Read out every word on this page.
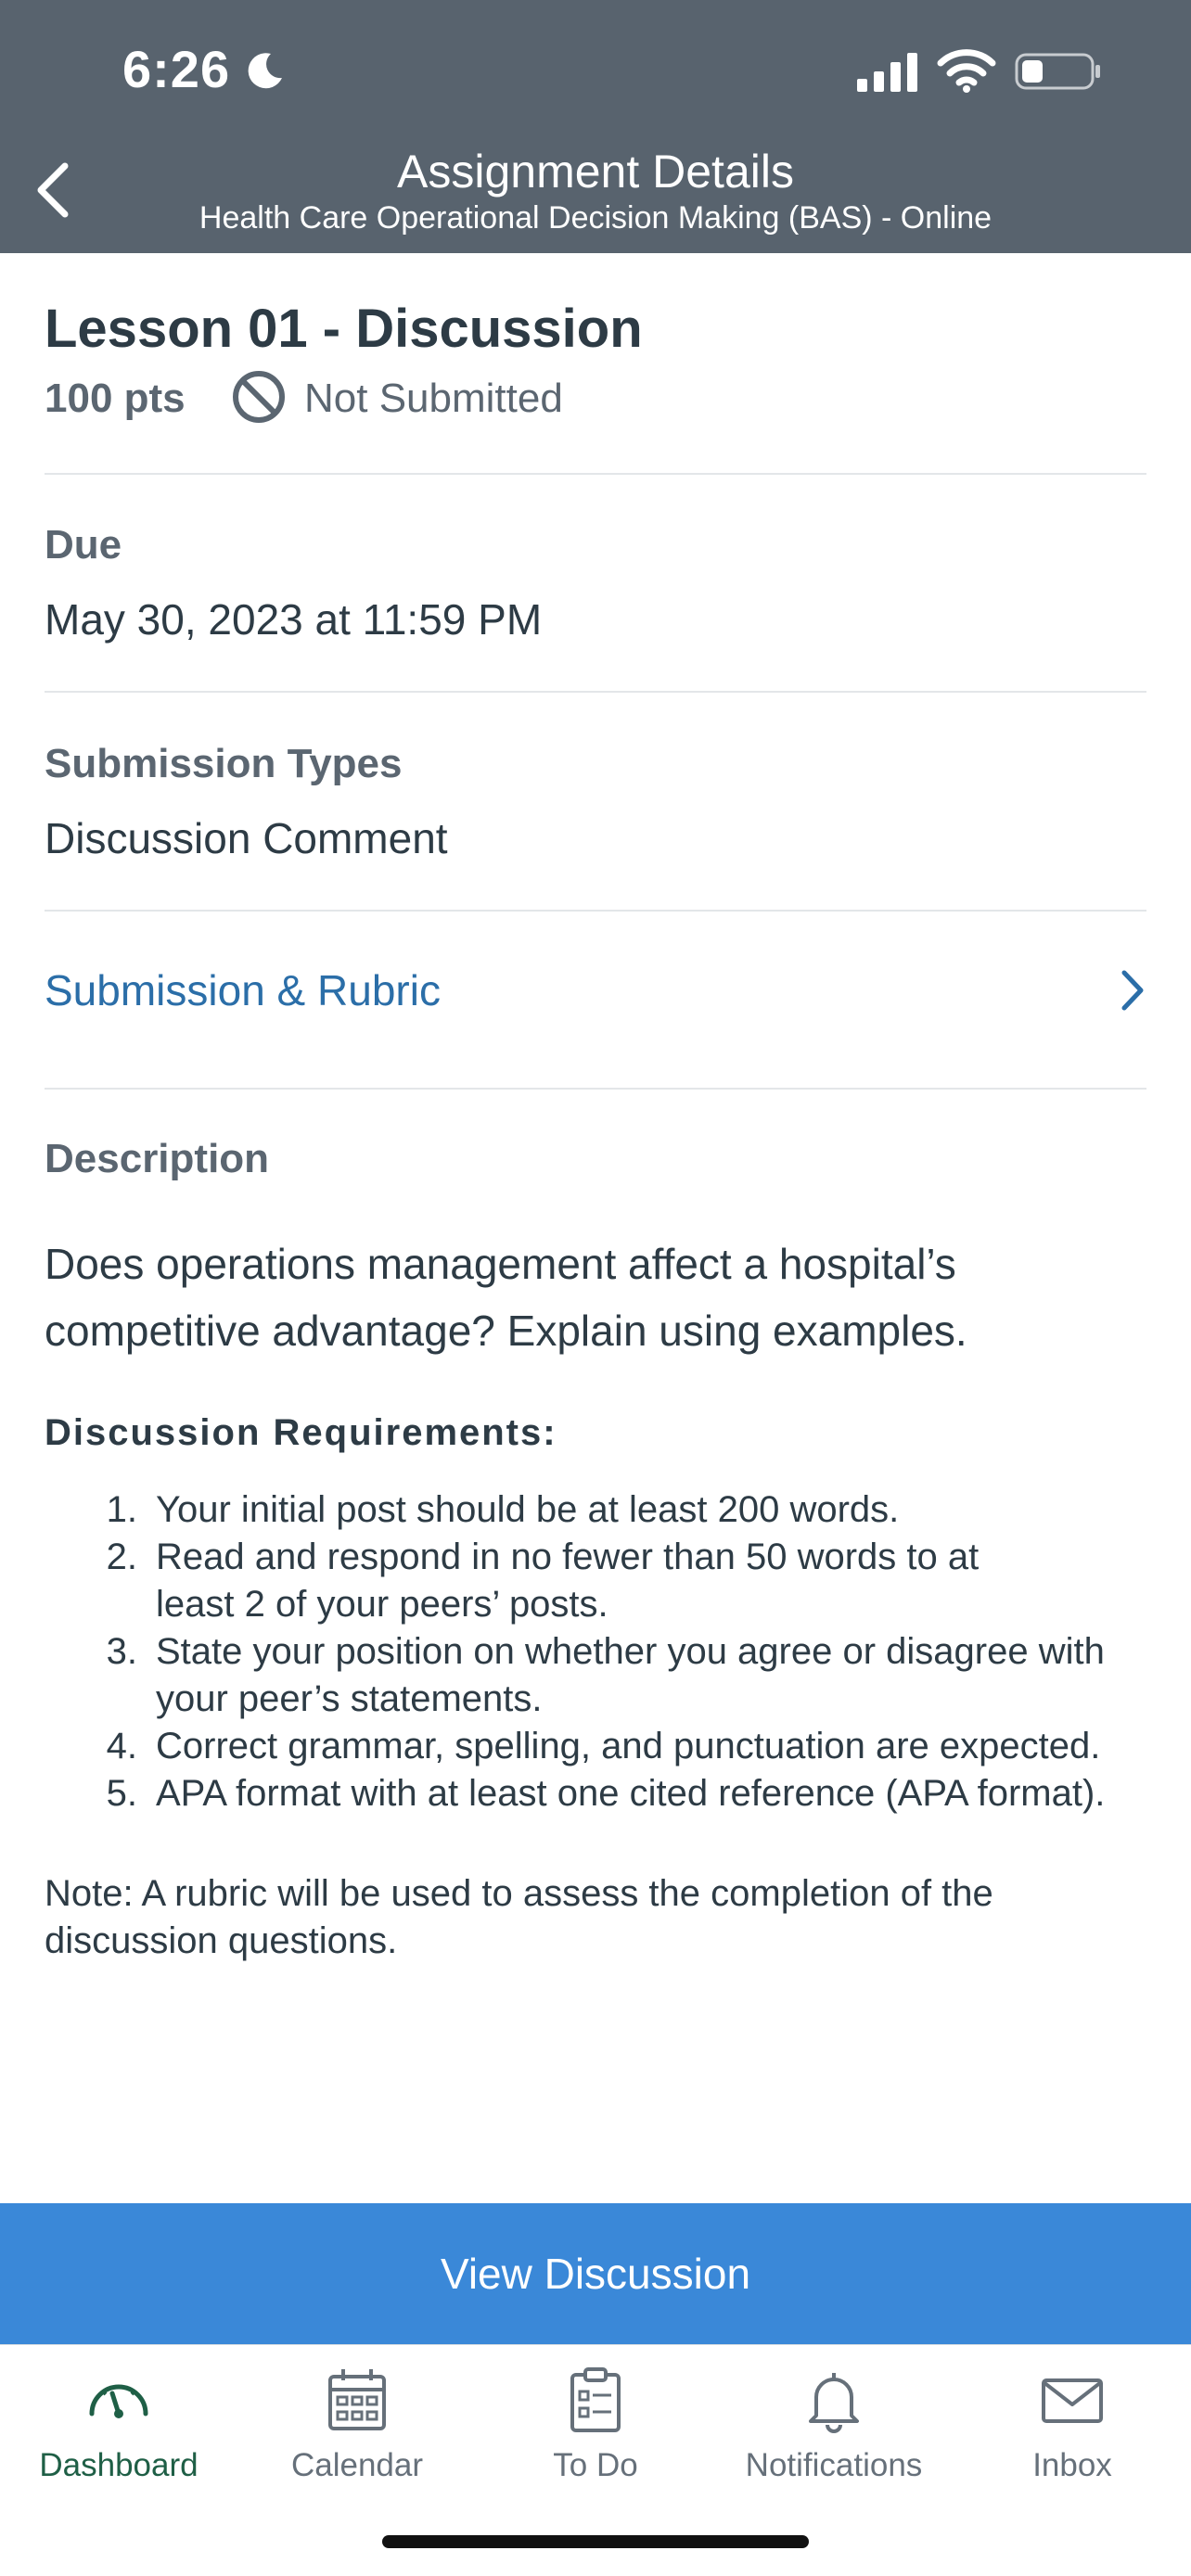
6:26
Assignment Details
Health Care Operational Decision Making (BAS) - Online
Lesson 01 - Discussion
100 pts	Not Submitted
Due
May 30, 2023 at 11:59 PM
Submission Types
Discussion Comment
Submission & Rubric
Description
Does operations management affect a hospital’s competitive advantage? Explain using examples.
Discussion Requirements:
1. Your initial post should be at least 200 words.
2. Read and respond in no fewer than 50 words to at least 2 of your peers’ posts.
3. State your position on whether you agree or disagree with your peer’s statements.
4. Correct grammar, spelling, and punctuation are expected.
5. APA format with at least one cited reference (APA format).
Note: A rubric will be used to assess the completion of the discussion questions.
View Discussion
Dashboard	Calendar	To Do	Notifications	Inbox
